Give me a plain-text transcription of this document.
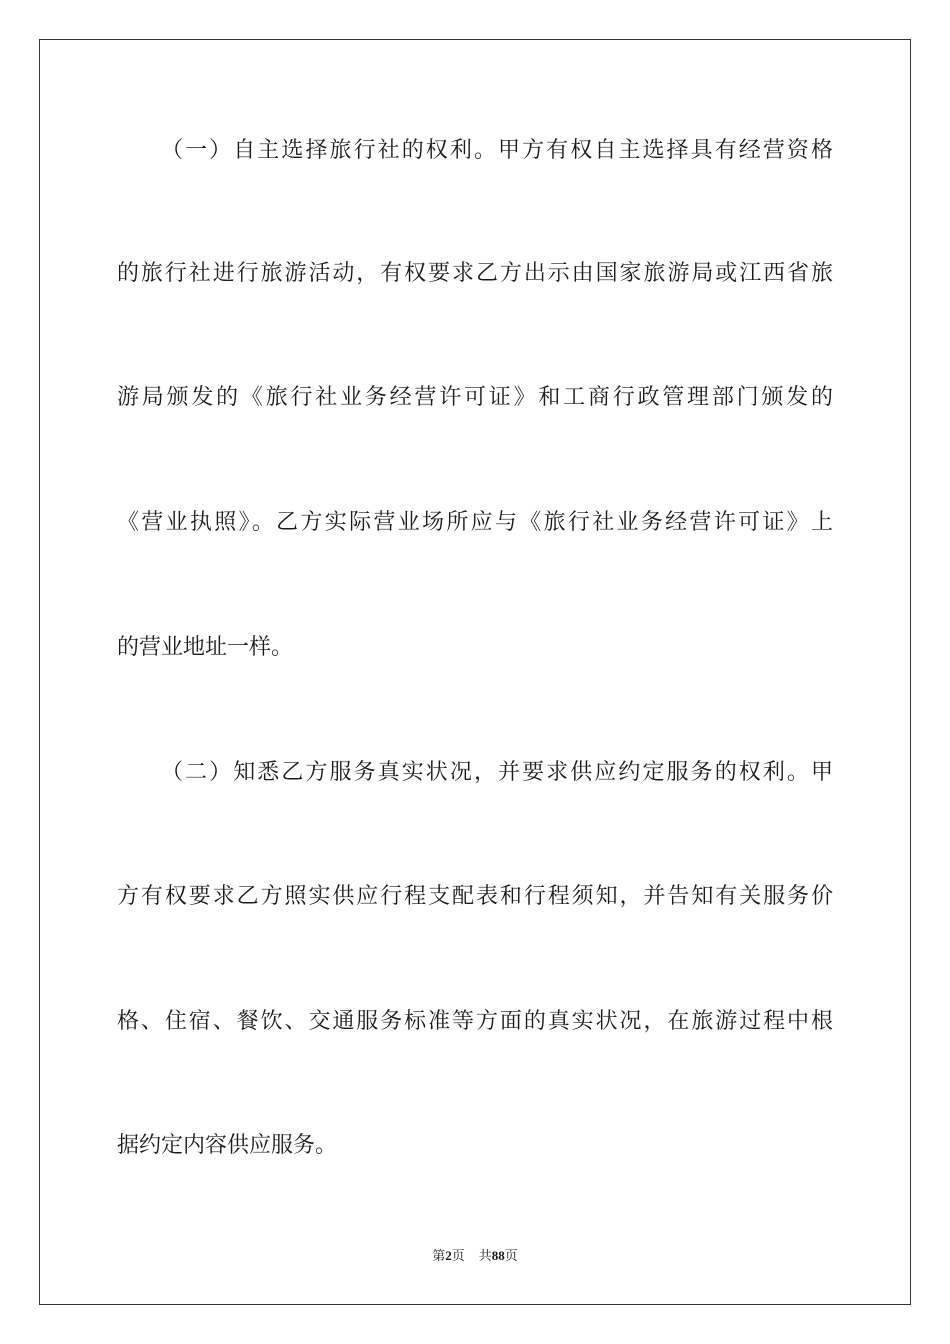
（一）自主选择旅行社的权利。甲方有权自主选择具有经营资格
的旅行社进行旅游活动，有权要求乙方出示由国家旅游局或江西省旅
游局颁发的《旅行社业务经营许可证》和工商行政管理部门颁发的
《营业执照》。乙方实际营业场所应与《旅行社业务经营许可证》上
的营业地址一样。
（二）知悉乙方服务真实状况，并要求供应约定服务的权利。甲
方有权要求乙方照实供应行程支配表和行程须知，并告知有关服务价
格、住宿、餐饮、交通服务标准等方面的真实状况，在旅游过程中根
据约定内容供应服务。
第2页 共88页
